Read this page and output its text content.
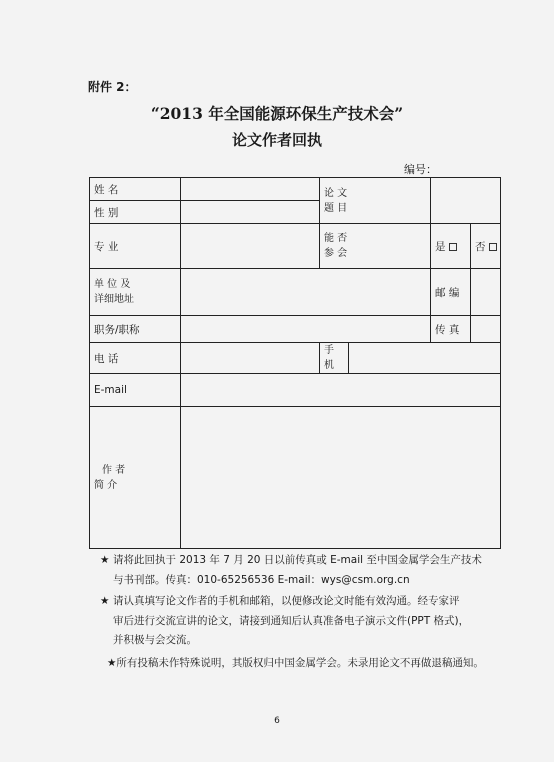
附件 2：
“2013 年全国能源环保生产技术会”
论文作者回执
编号：
姓 名		论 文
题 目		

性 别				
专 业		能 否
参 会	是	否

单 位 及
详细地址			邮 编	
职务/职称			传 真	
电 话		手
机		

E-mail				

作 者
简 介				

★ 请将此回执于 2013 年 7 月 20 日以前传真或 E-mail 至中国金属学会生产技术
与书刊部。传真：010-65256536 E-mail：wys@csm.org.cn
★ 请认真填写论文作者的手机和邮箱，以便修改论文时能有效沟通。经专家评
审后进行交流宣讲的论文，请接到通知后认真准备电子演示文件(PPT 格式)，
并积极与会交流。
★所有投稿未作特殊说明，其版权归中国金属学会。未录用论文不再做退稿通知。
6
